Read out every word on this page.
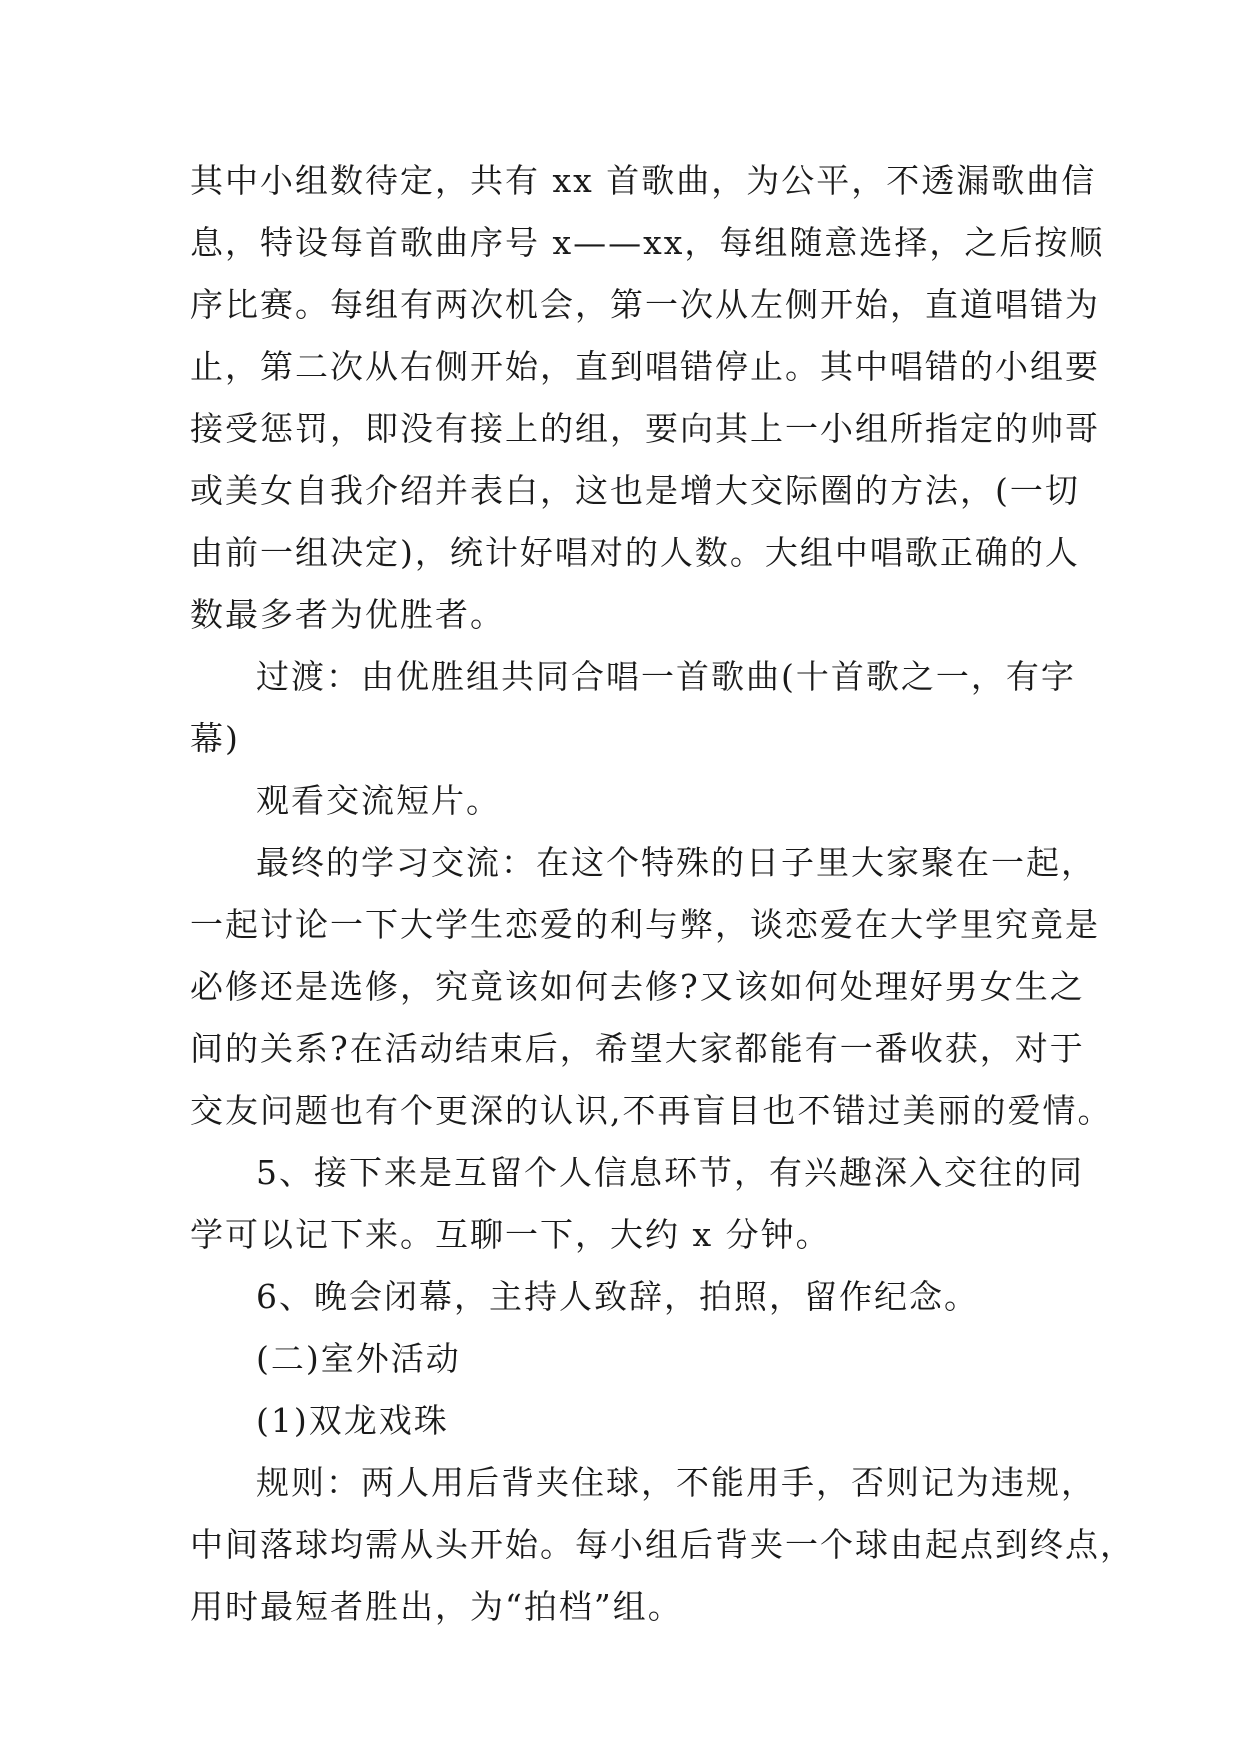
其中小组数待定，共有 xx 首歌曲，为公平，不透漏歌曲信
息，特设每首歌曲序号 x——xx，每组随意选择，之后按顺
序比赛。每组有两次机会，第一次从左侧开始，直道唱错为
止，第二次从右侧开始，直到唱错停止。其中唱错的小组要
接受惩罚，即没有接上的组，要向其上一小组所指定的帅哥
或美女自我介绍并表白，这也是增大交际圈的方法，(一切
由前一组决定)，统计好唱对的人数。大组中唱歌正确的人
数最多者为优胜者。
过渡：由优胜组共同合唱一首歌曲(十首歌之一，有字
幕)
观看交流短片。
最终的学习交流：在这个特殊的日子里大家聚在一起，
一起讨论一下大学生恋爱的利与弊，谈恋爱在大学里究竟是
必修还是选修，究竟该如何去修?又该如何处理好男女生之
间的关系?在活动结束后，希望大家都能有一番收获，对于
交友问题也有个更深的认识,不再盲目也不错过美丽的爱情。
5、接下来是互留个人信息环节，有兴趣深入交往的同
学可以记下来。互聊一下，大约 x 分钟。
6、晚会闭幕，主持人致辞，拍照，留作纪念。
(二)室外活动
(1)双龙戏珠
规则：两人用后背夹住球，不能用手，否则记为违规，
中间落球均需从头开始。每小组后背夹一个球由起点到终点，
用时最短者胜出，为“拍档”组。
